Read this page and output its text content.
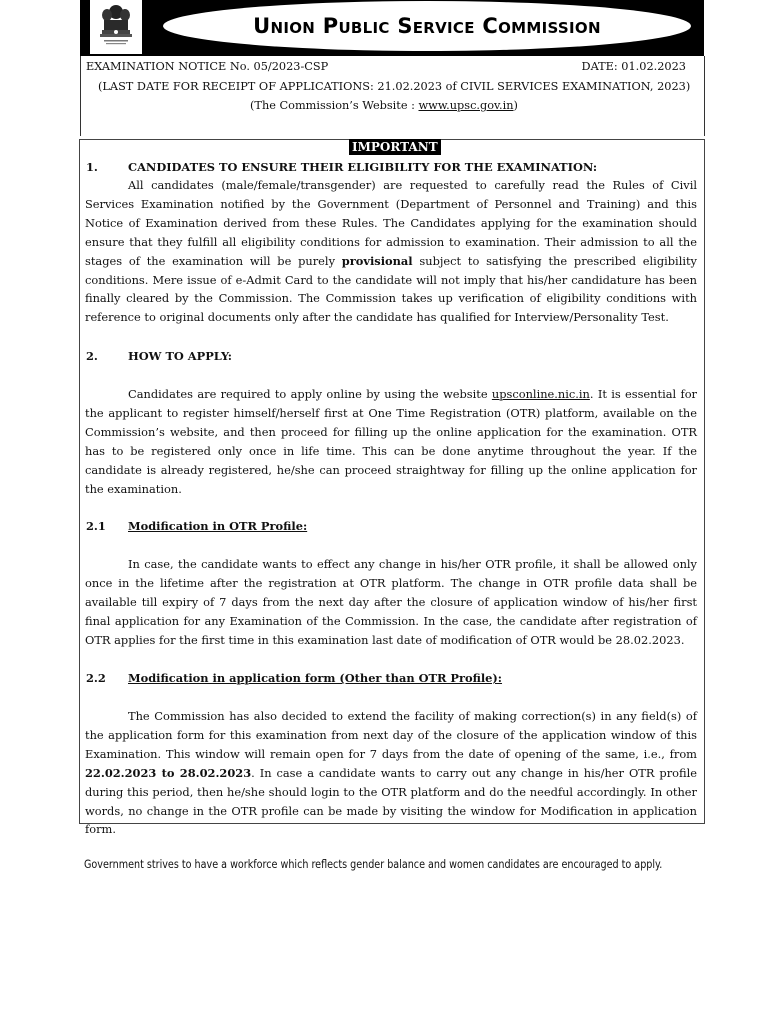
Union Public Service Commission
EXAMINATION NOTICE No. 05/2023-CSP	DATE: 01.02.2023
(LAST DATE FOR RECEIPT OF APPLICATIONS: 21.02.2023 of CIVIL SERVICES EXAMINATION, 2023)
(The Commission’s Website : www.upsc.gov.in)
IMPORTANT
1.	CANDIDATES TO ENSURE THEIR ELIGIBILITY FOR THE EXAMINATION:

All candidates (male/female/transgender) are requested to carefully read the Rules of Civil Services Examination notified by the Government (Department of Personnel and Training) and this Notice of Examination derived from these Rules. The Candidates applying for the examination should ensure that they fulfill all eligibility conditions for admission to examination. Their admission to all the stages of the examination will be purely provisional subject to satisfying the prescribed eligibility conditions. Mere issue of e-Admit Card to the candidate will not imply that his/her candidature has been finally cleared by the Commission. The Commission takes up verification of eligibility conditions with reference to original documents only after the candidate has qualified for Interview/Personality Test.

2.	HOW TO APPLY:

Candidates are required to apply online by using the website upsconline.nic.in. It is essential for the applicant to register himself/herself first at One Time Registration (OTR) platform, available on the Commission’s website, and then proceed for filling up the online application for the examination. OTR has to be registered only once in life time. This can be done anytime throughout the year. If the candidate is already registered, he/she can proceed straightway for filling up the online application for the examination.

2.1 Modification in OTR Profile:

In case, the candidate wants to effect any change in his/her OTR profile, it shall be allowed only once in the lifetime after the registration at OTR platform. The change in OTR profile data shall be available till expiry of 7 days from the next day after the closure of application window of his/her first final application for any Examination of the Commission. In the case, the candidate after registration of OTR applies for the first time in this examination last date of modification of OTR would be 28.02.2023.

2.2 Modification in application form (Other than OTR Profile):

The Commission has also decided to extend the facility of making correction(s) in any field(s) of the application form for this examination from next day of the closure of the application window of this Examination. This window will remain open for 7 days from the date of opening of the same, i.e., from 22.02.2023 to 28.02.2023. In case a candidate wants to carry out any change in his/her OTR profile during this period, then he/she should login to the OTR platform and do the needful accordingly. In other words, no change in the OTR profile can be made by visiting the window for Modification in application form.

Government strives to have a workforce which reflects gender balance and women candidates are encouraged to apply.
